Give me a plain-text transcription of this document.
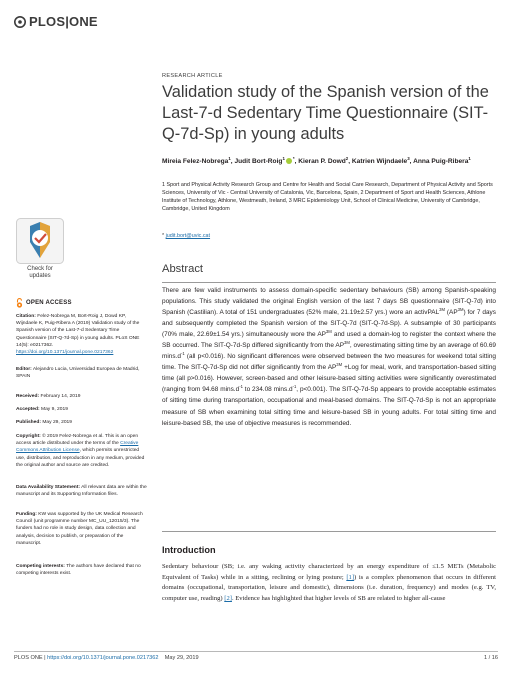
PLOS|ONE
RESEARCH ARTICLE
Validation study of the Spanish version of the Last-7-d Sedentary Time Questionnaire (SIT-Q-7d-Sp) in young adults
Mireia Felez-Nobrega$^1$, Judit Bort-Roig$^1$ *, Kieran P. Dowd$^2$, Katrien Wijndaele$^3$, Anna Puig-Ribera$^1$
1 Sport and Physical Activity Research Group and Centre for Health and Social Care Research, Department of Physical Activity and Sports Sciences, University of Vic - Central University of Catalonia, Vic, Barcelona, Spain, 2 Department of Sport and Health Sciences, Athlone Institute of Technology, Athlone, Westmeath, Ireland, 3 MRC Epidemiology Unit, School of Clinical Medicine, University of Cambridge, Cambridge, United Kingdom
* judit.bort@uvic.cat
Abstract
There are few valid instruments to assess domain-specific sedentary behaviours (SB) among Spanish-speaking populations. This study validated the original English version of the last 7 days SB questionnaire (SIT-Q-7d) into Spanish (Castilian). A total of 151 undergraduates (52% male, 21.19±2.57 yrs.) wore an activPAL$^{3M}$ $(AP^{3M})$ for 7 days and subsequently completed the Spanish version of the SIT-Q-7d (SIT-Q-7d-Sp). A subsample of 30 participants (70% male, 22.69±1.54 yrs.) simultaneously wore the $AP^{3M}$ and used a domain-log to register the context where the SB occurred. The SIT-Q-7d-Sp differed significantly from the $AP^{3M}$, overestimating sitting time by an average of 60.69 $\min s.d^{-1}$ (all p<0.016). No significant differences were observed between the two measures for weekend total sitting time. The SIT-Q-7d-Sp did not differ significantly from the $AP^{3M} +Log$ for meal, work, and transportation-based sitting time (all p>0.016). However, screen-based and other leisure-based sitting activities were significantly overestimated (ranging from 94.68 $\min s.d^{-1}$ to 234.08 $\min s.d^{-1}$, p<0.001). The SIT-Q-7d-Sp appears to provide acceptable estimates of sitting time during transportation, occupational and meal-based domains. The SIT-Q-7d-Sp is not an appropriate measure of SB when examining total sitting time and leisure-based SB in young adults. For total sitting time and leisure-based SB, the use of objective measures is recommended.
Introduction
Sedentary behaviour (SB; i.e. any waking activity characterized by an energy expenditure of ≤1.5 METs (Metabolic Equivalent of Tasks) while in a sitting, reclining or lying posture; [1]) is a complex phenomenon that occurs in different domains (occupational, transportation, leisure and domestic), dimensions (i.e. duration, frequency) and modes (e.g. TV, computer use, reading) [2]. Evidence has highlighted that higher levels of SB are related to higher all-cause
Check for updates
OPEN ACCESS
Citation: Felez-Nobrega M, Bort-Roig J, Dowd KP, Wijndaele K, Puig-Ribera A (2019) Validation study of the Spanish version of the Last-7-d Sedentary Time Questionnaire (SIT-Q-7d-Sp) in young adults. PLoS ONE 14(5): e0217362. https://doi.org/10.1371/journal.pone.0217362
Editor: Alejandro Lucia, Universidad Europea de Madrid, SPAIN
Received: February 14, 2019
Accepted: May 9, 2019
Published: May 29, 2019
Copyright: © 2019 Felez-Nobrega et al. This is an open access article distributed under the terms of the Creative Commons Attribution License, which permits unrestricted use, distribution, and reproduction in any medium, provided the original author and source are credited.
Data Availability Statement: All relevant data are within the manuscript and its Supporting Information files.
Funding: KW was supported by the UK Medical Research Council (unit programme number MC_UU_12015/3). The funders had no role in study design, data collection and analysis, decision to publish, or preparation of the manuscript.
Competing interests: The authors have declared that no competing interests exist.
PLOS ONE | https://doi.org/10.1371/journal.pone.0217362 May 29, 2019	1 / 16
